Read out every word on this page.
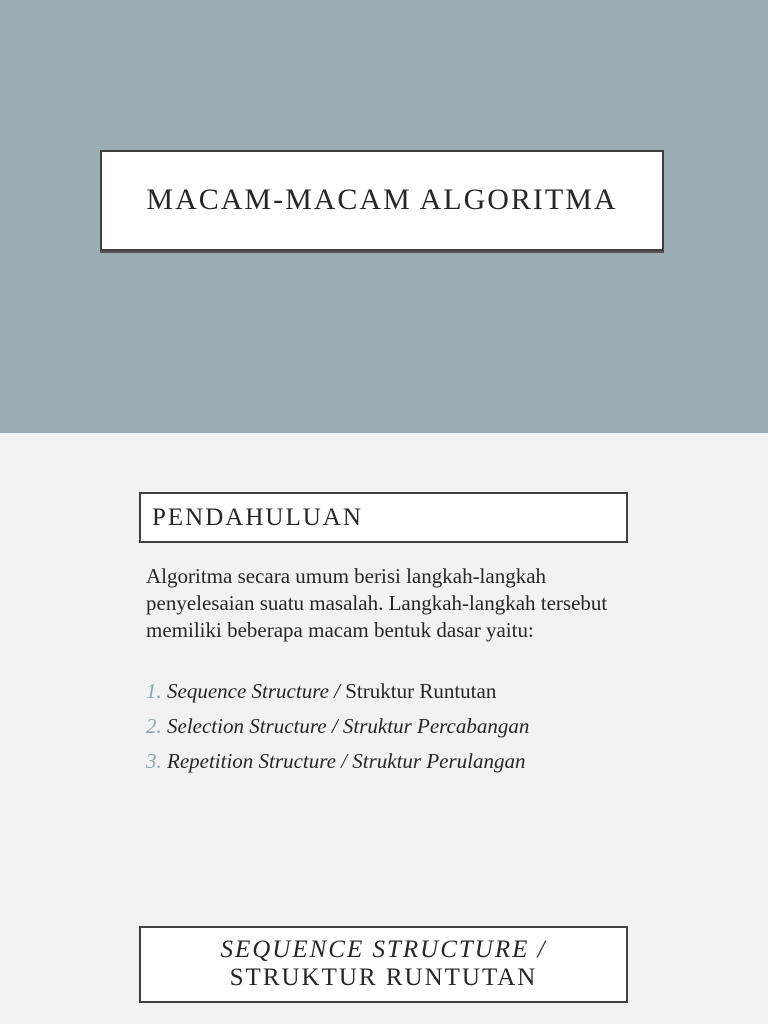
MACAM-MACAM ALGORITMA
PENDAHULUAN
Algoritma secara umum berisi langkah-langkah penyelesaian suatu masalah. Langkah-langkah tersebut memiliki beberapa macam bentuk dasar yaitu:
1. Sequence Structure / Struktur Runtutan
2. Selection Structure / Struktur Percabangan
3. Repetition Structure / Struktur Perulangan
SEQUENCE STRUCTURE /
STRUKTUR RUNTUTAN
